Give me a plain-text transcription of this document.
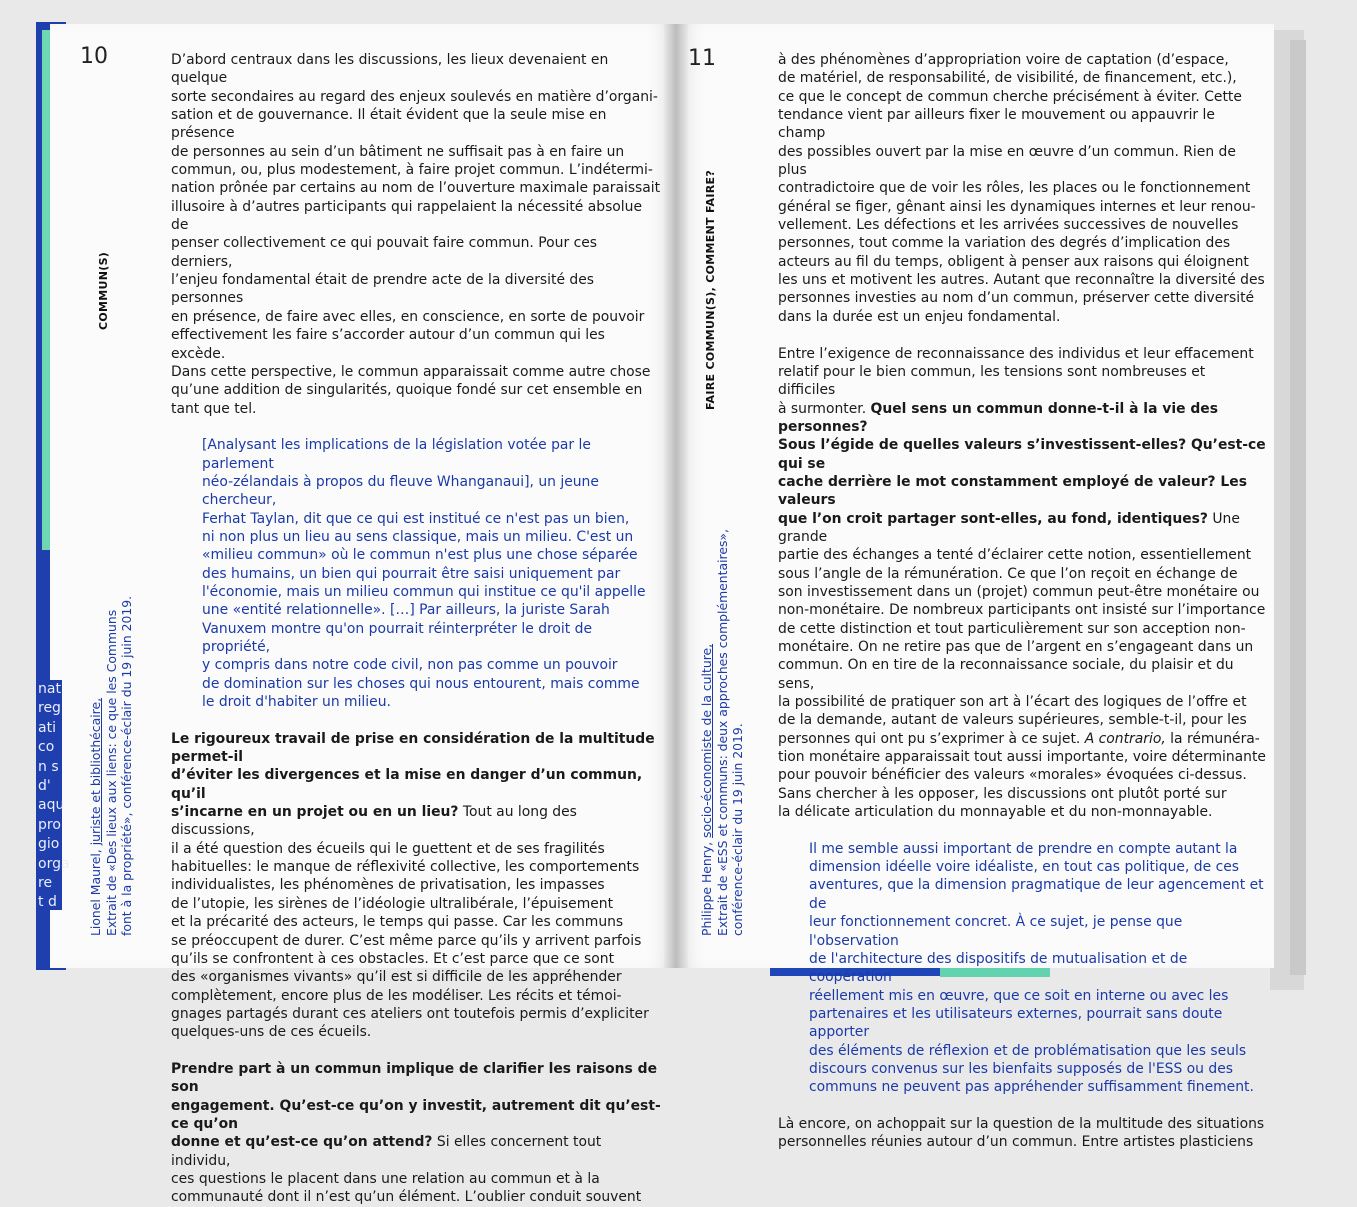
nat
reg
ati
co
n s
d'
aqu
pro
gio
orga
re
t d
10
COMMUN(S)
Lionel Maurel, juriste et bibliothécaire, Extrait de «Des lieux aux liens: ce que les Communs font à la propriété», conférence-éclair du 19 juin 2019.
D’abord centraux dans les discussions, les lieux devenaient en quelque
sorte secondaires au regard des enjeux soulevés en matière d’organi-
sation et de gouvernance. Il était évident que la seule mise en présence
de personnes au sein d’un bâtiment ne suffisait pas à en faire un
commun, ou, plus modestement, à faire projet commun. L’indétermi-
nation prônée par certains au nom de l’ouverture maximale paraissait
illusoire à d’autres participants qui rappelaient la nécessité absolue de
penser collectivement ce qui pouvait faire commun. Pour ces derniers,
l’enjeu fondamental était de prendre acte de la diversité des personnes
en présence, de faire avec elles, en conscience, en sorte de pouvoir
effectivement les faire s’accorder autour d’un commun qui les excède.
Dans cette perspective, le commun apparaissait comme autre chose
qu’une addition de singularités, quoique fondé sur cet ensemble en
tant que tel.
[Analysant les implications de la législation votée par le parlement
néo-zélandais à propos du fleuve Whanganaui], un jeune chercheur,
Ferhat Taylan, dit que ce qui est institué ce n'est pas un bien,
ni non plus un lieu au sens classique, mais un milieu. C'est un
«milieu commun» où le commun n'est plus une chose séparée
des humains, un bien qui pourrait être saisi uniquement par
l'économie, mais un milieu commun qui institue ce qu'il appelle
une «entité relationnelle». […] Par ailleurs, la juriste Sarah
Vanuxem montre qu'on pourrait réinterpréter le droit de propriété,
y compris dans notre code civil, non pas comme un pouvoir
de domination sur les choses qui nous entourent, mais comme
le droit d'habiter un milieu.
Le rigoureux travail de prise en considération de la multitude permet-il
d’éviter les divergences et la mise en danger d’un commun, qu’il
s’incarne en un projet ou en un lieu? Tout au long des discussions,
il a été question des écueils qui le guettent et de ses fragilités
habituelles: le manque de réflexivité collective, les comportements
individualistes, les phénomènes de privatisation, les impasses
de l’utopie, les sirènes de l’idéologie ultralibérale, l’épuisement
et la précarité des acteurs, le temps qui passe. Car les communs
se préoccupent de durer. C’est même parce qu’ils y arrivent parfois
qu’ils se confrontent à ces obstacles. Et c’est parce que ce sont
des «organismes vivants» qu’il est si difficile de les appréhender
complètement, encore plus de les modéliser. Les récits et témoi-
gnages partagés durant ces ateliers ont toutefois permis d’expliciter
quelques-uns de ces écueils.
Prendre part à un commun implique de clarifier les raisons de son
engagement. Qu’est-ce qu’on y investit, autrement dit qu’est-ce qu’on
donne et qu’est-ce qu’on attend? Si elles concernent tout individu,
ces questions le placent dans une relation au commun et à la
communauté dont il n’est qu’un élément. L’oublier conduit souvent
11
FAIRE COMMUN(S), COMMENT FAIRE?
Philippe Henry, socio-économiste de la culture, Extrait de «ESS et communs: deux approches complémentaires», conférence-éclair du 19 juin 2019.
à des phénomènes d’appropriation voire de captation (d’espace,
de matériel, de responsabilité, de visibilité, de financement, etc.),
ce que le concept de commun cherche précisément à éviter. Cette
tendance vient par ailleurs fixer le mouvement ou appauvrir le champ
des possibles ouvert par la mise en œuvre d’un commun. Rien de plus
contradictoire que de voir les rôles, les places ou le fonctionnement
général se figer, gênant ainsi les dynamiques internes et leur renou-
vellement. Les défections et les arrivées successives de nouvelles
personnes, tout comme la variation des degrés d’implication des
acteurs au fil du temps, obligent à penser aux raisons qui éloignent
les uns et motivent les autres. Autant que reconnaître la diversité des
personnes investies au nom d’un commun, préserver cette diversité
dans la durée est un enjeu fondamental.
Entre l’exigence de reconnaissance des individus et leur effacement
relatif pour le bien commun, les tensions sont nombreuses et difficiles
à surmonter. Quel sens un commun donne-t-il à la vie des personnes?
Sous l’égide de quelles valeurs s’investissent-elles? Qu’est-ce qui se
cache derrière le mot constamment employé de valeur? Les valeurs
que l’on croit partager sont-elles, au fond, identiques? Une grande
partie des échanges a tenté d’éclairer cette notion, essentiellement
sous l’angle de la rémunération. Ce que l’on reçoit en échange de
son investissement dans un (projet) commun peut-être monétaire ou
non-monétaire. De nombreux participants ont insisté sur l’importance
de cette distinction et tout particulièrement sur son acception non-
monétaire. On ne retire pas que de l’argent en s’engageant dans un
commun. On en tire de la reconnaissance sociale, du plaisir et du sens,
la possibilité de pratiquer son art à l’écart des logiques de l’offre et
de la demande, autant de valeurs supérieures, semble-t-il, pour les
personnes qui ont pu s’exprimer à ce sujet. A contrario, la rémunéra-
tion monétaire apparaissait tout aussi importante, voire déterminante
pour pouvoir bénéficier des valeurs «morales» évoquées ci-dessus.
Sans chercher à les opposer, les discussions ont plutôt porté sur
la délicate articulation du monnayable et du non-monnayable.
Il me semble aussi important de prendre en compte autant la
dimension idéelle voire idéaliste, en tout cas politique, de ces
aventures, que la dimension pragmatique de leur agencement et de
leur fonctionnement concret. À ce sujet, je pense que l'observation
de l'architecture des dispositifs de mutualisation et de coopération
réellement mis en œuvre, que ce soit en interne ou avec les
partenaires et les utilisateurs externes, pourrait sans doute apporter
des éléments de réflexion et de problématisation que les seuls
discours convenus sur les bienfaits supposés de l'ESS ou des
communs ne peuvent pas appréhender suffisamment finement.
Là encore, on achoppait sur la question de la multitude des situations
personnelles réunies autour d’un commun. Entre artistes plasticiens
